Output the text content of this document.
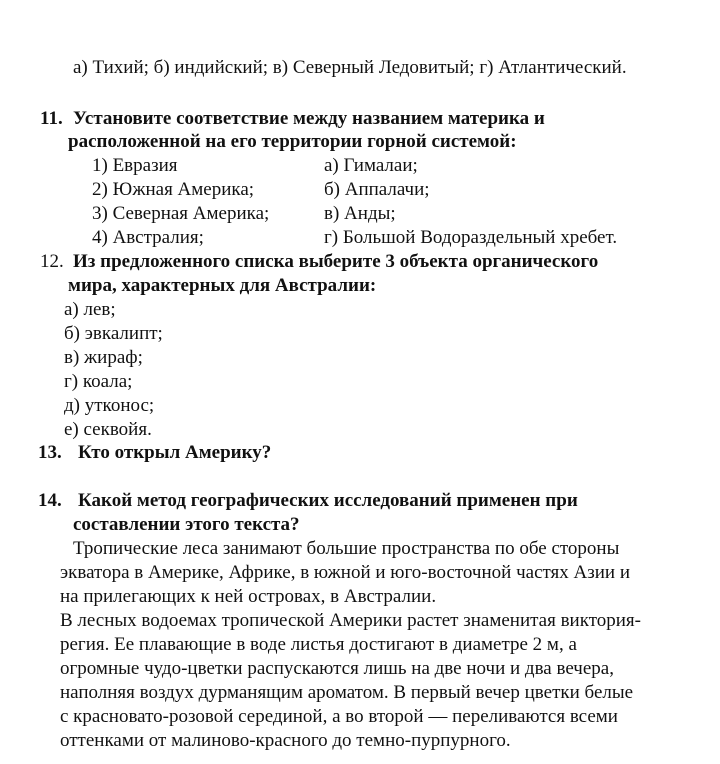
а) Тихий; б) индийский; в) Северный Ледовитый; г) Атлантический.
11. Установите соответствие между названием материка и
расположенной на его территории горной системой:
1) Евразия
2) Южная Америка;
3) Северная Америка;
4) Австралия;
а) Гималаи;
б) Аппалачи;
в) Анды;
г) Большой Водораздельный хребет.
12. Из предложенного списка выберите 3 объекта органического
мира, характерных для Австралии:
а) лев;
б) эвкалипт;
в) жираф;
г) коала;
д) утконос;
е) секвойя.
13. Кто открыл Америку?
14. Какой метод географических исследований применен при
составлении этого текста?
Тропические леса занимают большие пространства по обе стороны
экватора в Америке, Африке, в южной и юго-восточной частях Азии и
на прилегающих к ней островах, в Австралии.
В лесных водоемах тропической Америки растет знаменитая виктория-
регия. Ее плавающие в воде листья достигают в диаметре 2 м, а
огромные чудо-цветки распускаются лишь на две ночи и два вечера,
наполняя воздух дурманящим ароматом. В первый вечер цветки белые
с красновато-розовой серединой, а во второй — переливаются всеми
оттенками от малиново-красного до темно-пурпурного.
